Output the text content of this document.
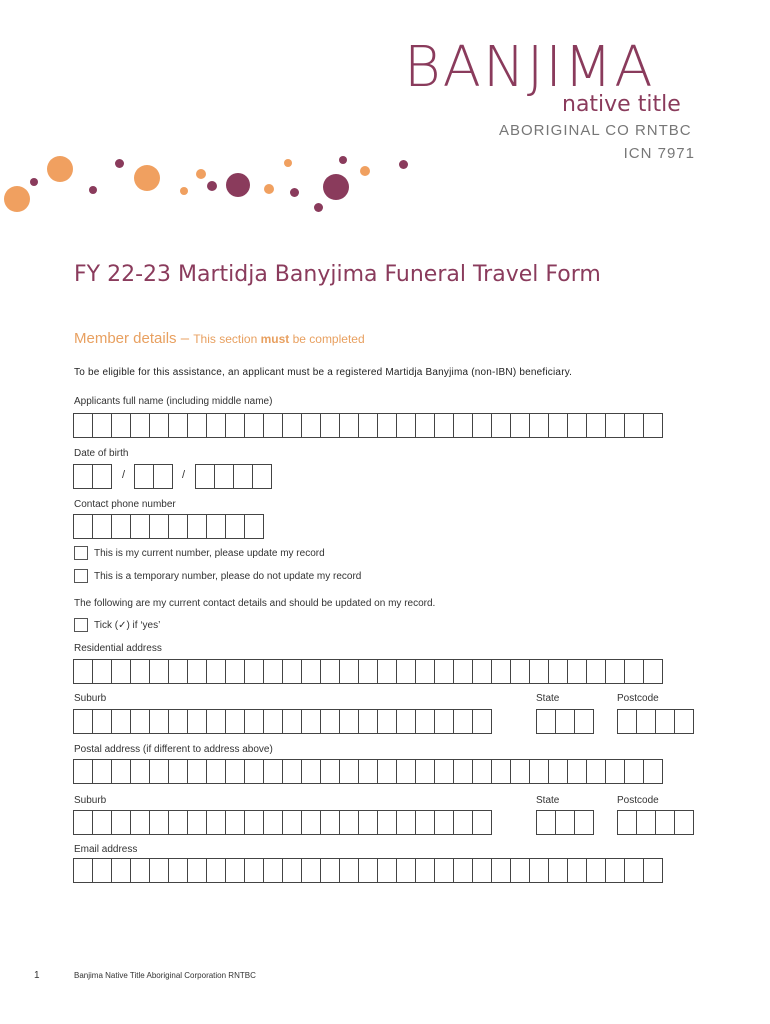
BANJIMA
native title
ABORIGINAL CO RNTBC
ICN 7971
FY 22-23 Martidja Banyjima Funeral Travel Form
Member details – This section must be completed
To be eligible for this assistance, an applicant must be a registered Martidja Banyjima (non-IBN) beneficiary.
Applicants full name (including middle name)
Date of birth
/	/
Contact phone number
This is my current number, please update my record
This is a temporary number, please do not update my record
The following are my current contact details and should be updated on my record.
Tick (✓) if ‘yes’
Residential address
Suburb	State	Postcode
Postal address (if different to address above)
Suburb	State	Postcode
Email address
1	Banjima Native Title Aboriginal Corporation RNTBC
